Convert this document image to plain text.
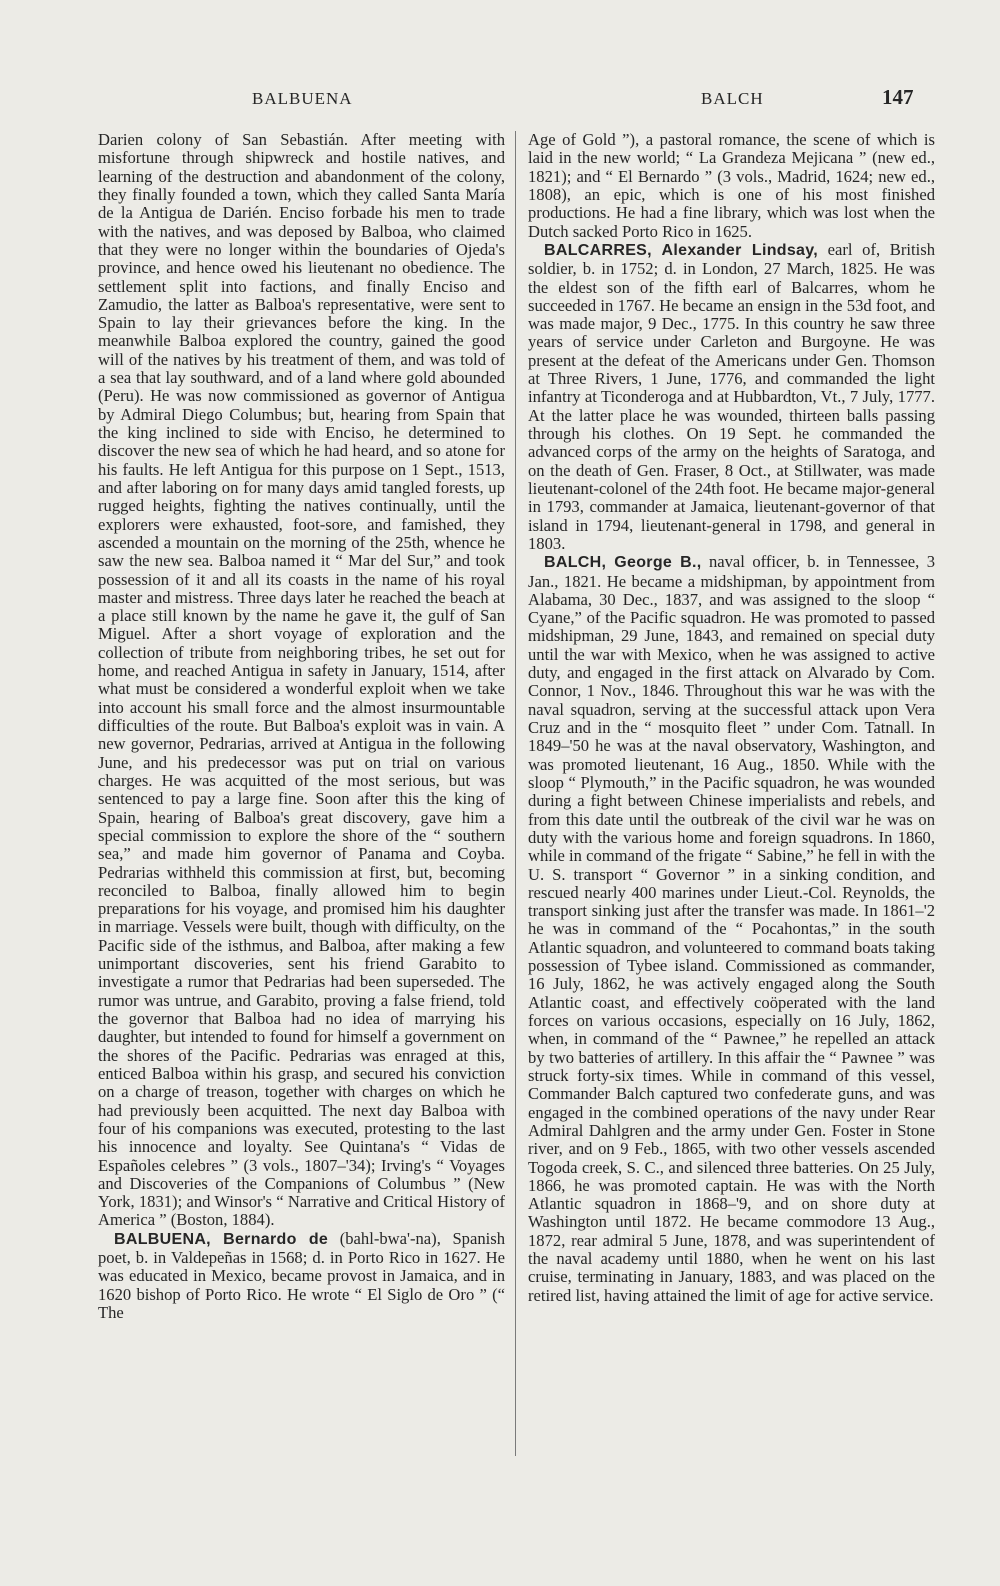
BALBUENA	BALCH	147

Darien colony of San Sebastián. After meeting with misfortune through shipwreck and hostile natives, and learning of the destruction and abandonment of the colony, they finally founded a town, which they called Santa María de la Antigua de Darién. Enciso forbade his men to trade with the natives, and was deposed by Balboa, who claimed that they were no longer within the boundaries of Ojeda's province, and hence owed his lieutenant no obedience. The settlement split into factions, and finally Enciso and Zamudio, the latter as Balboa's representative, were sent to Spain to lay their grievances before the king. In the meanwhile Balboa explored the country, gained the good will of the natives by his treatment of them, and was told of a sea that lay southward, and of a land where gold abounded (Peru). He was now commissioned as governor of Antigua by Admiral Diego Columbus; but, hearing from Spain that the king inclined to side with Enciso, he determined to discover the new sea of which he had heard, and so atone for his faults. He left Antigua for this purpose on 1 Sept., 1513, and after laboring on for many days amid tangled forests, up rugged heights, fighting the natives continually, until the explorers were exhausted, foot-sore, and famished, they ascended a mountain on the morning of the 25th, whence he saw the new sea. Balboa named it “ Mar del Sur,” and took possession of it and all its coasts in the name of his royal master and mistress. Three days later he reached the beach at a place still known by the name he gave it, the gulf of San Miguel. After a short voyage of exploration and the collection of tribute from neighboring tribes, he set out for home, and reached Antigua in safety in January, 1514, after what must be considered a wonderful exploit when we take into account his small force and the almost insurmountable difficulties of the route. But Balboa's exploit was in vain. A new governor, Pedrarias, arrived at Antigua in the following June, and his predecessor was put on trial on various charges. He was acquitted of the most serious, but was sentenced to pay a large fine. Soon after this the king of Spain, hearing of Balboa's great discovery, gave him a special commission to explore the shore of the “ southern sea,” and made him governor of Panama and Coyba. Pedrarias withheld this commission at first, but, becoming reconciled to Balboa, finally allowed him to begin preparations for his voyage, and promised him his daughter in marriage. Vessels were built, though with difficulty, on the Pacific side of the isthmus, and Balboa, after making a few unimportant discoveries, sent his friend Garabito to investigate a rumor that Pedrarias had been superseded. The rumor was untrue, and Garabito, proving a false friend, told the governor that Balboa had no idea of marrying his daughter, but intended to found for himself a government on the shores of the Pacific. Pedrarias was enraged at this, enticed Balboa within his grasp, and secured his conviction on a charge of treason, together with charges on which he had previously been acquitted. The next day Balboa with four of his companions was executed, protesting to the last his innocence and loyalty. See Quintana's “ Vidas de Españoles celebres ” (3 vols., 1807–'34); Irving's “ Voyages and Discoveries of the Companions of Columbus ” (New York, 1831); and Winsor's “ Narrative and Critical History of America ” (Boston, 1884).

BALBUENA, Bernardo de (bahl-bwa'-na), Spanish poet, b. in Valdepeñas in 1568; d. in Porto Rico in 1627. He was educated in Mexico, became provost in Jamaica, and in 1620 bishop of Porto Rico. He wrote “ El Siglo de Oro ” (“ The

Age of Gold ”), a pastoral romance, the scene of which is laid in the new world; “ La Grandeza Mejicana ” (new ed., 1821); and “ El Bernardo ” (3 vols., Madrid, 1624; new ed., 1808), an epic, which is one of his most finished productions. He had a fine library, which was lost when the Dutch sacked Porto Rico in 1625.

BALCARRES, Alexander Lindsay, earl of, British soldier, b. in 1752; d. in London, 27 March, 1825. He was the eldest son of the fifth earl of Balcarres, whom he succeeded in 1767. He became an ensign in the 53d foot, and was made major, 9 Dec., 1775. In this country he saw three years of service under Carleton and Burgoyne. He was present at the defeat of the Americans under Gen. Thomson at Three Rivers, 1 June, 1776, and commanded the light infantry at Ticonderoga and at Hubbardton, Vt., 7 July, 1777. At the latter place he was wounded, thirteen balls passing through his clothes. On 19 Sept. he commanded the advanced corps of the army on the heights of Saratoga, and on the death of Gen. Fraser, 8 Oct., at Stillwater, was made lieutenant-colonel of the 24th foot. He became major-general in 1793, commander at Jamaica, lieutenant-governor of that island in 1794, lieutenant-general in 1798, and general in 1803.

BALCH, George B., naval officer, b. in Tennessee, 3 Jan., 1821. He became a midshipman, by appointment from Alabama, 30 Dec., 1837, and was assigned to the sloop “ Cyane,” of the Pacific squadron. He was promoted to passed midshipman, 29 June, 1843, and remained on special duty until the war with Mexico, when he was assigned to active duty, and engaged in the first attack on Alvarado by Com. Connor, 1 Nov., 1846. Throughout this war he was with the naval squadron, serving at the successful attack upon Vera Cruz and in the “ mosquito fleet ” under Com. Tatnall. In 1849–'50 he was at the naval observatory, Washington, and was promoted lieutenant, 16 Aug., 1850. While with the sloop “ Plymouth,” in the Pacific squadron, he was wounded during a fight between Chinese imperialists and rebels, and from this date until the outbreak of the civil war he was on duty with the various home and foreign squadrons. In 1860, while in command of the frigate “ Sabine,” he fell in with the U. S. transport “ Governor ” in a sinking condition, and rescued nearly 400 marines under Lieut.-Col. Reynolds, the transport sinking just after the transfer was made. In 1861–'2 he was in command of the “ Pocahontas,” in the south Atlantic squadron, and volunteered to command boats taking possession of Tybee island. Commissioned as commander, 16 July, 1862, he was actively engaged along the South Atlantic coast, and effectively coöperated with the land forces on various occasions, especially on 16 July, 1862, when, in command of the “ Pawnee,” he repelled an attack by two batteries of artillery. In this affair the “ Pawnee ” was struck forty-six times. While in command of this vessel, Commander Balch captured two confederate guns, and was engaged in the combined operations of the navy under Rear Admiral Dahlgren and the army under Gen. Foster in Stone river, and on 9 Feb., 1865, with two other vessels ascended Togoda creek, S. C., and silenced three batteries. On 25 July, 1866, he was promoted captain. He was with the North Atlantic squadron in 1868–'9, and on shore duty at Washington until 1872. He became commodore 13 Aug., 1872, rear admiral 5 June, 1878, and was superintendent of the naval academy until 1880, when he went on his last cruise, terminating in January, 1883, and was placed on the retired list, having attained the limit of age for active service.
